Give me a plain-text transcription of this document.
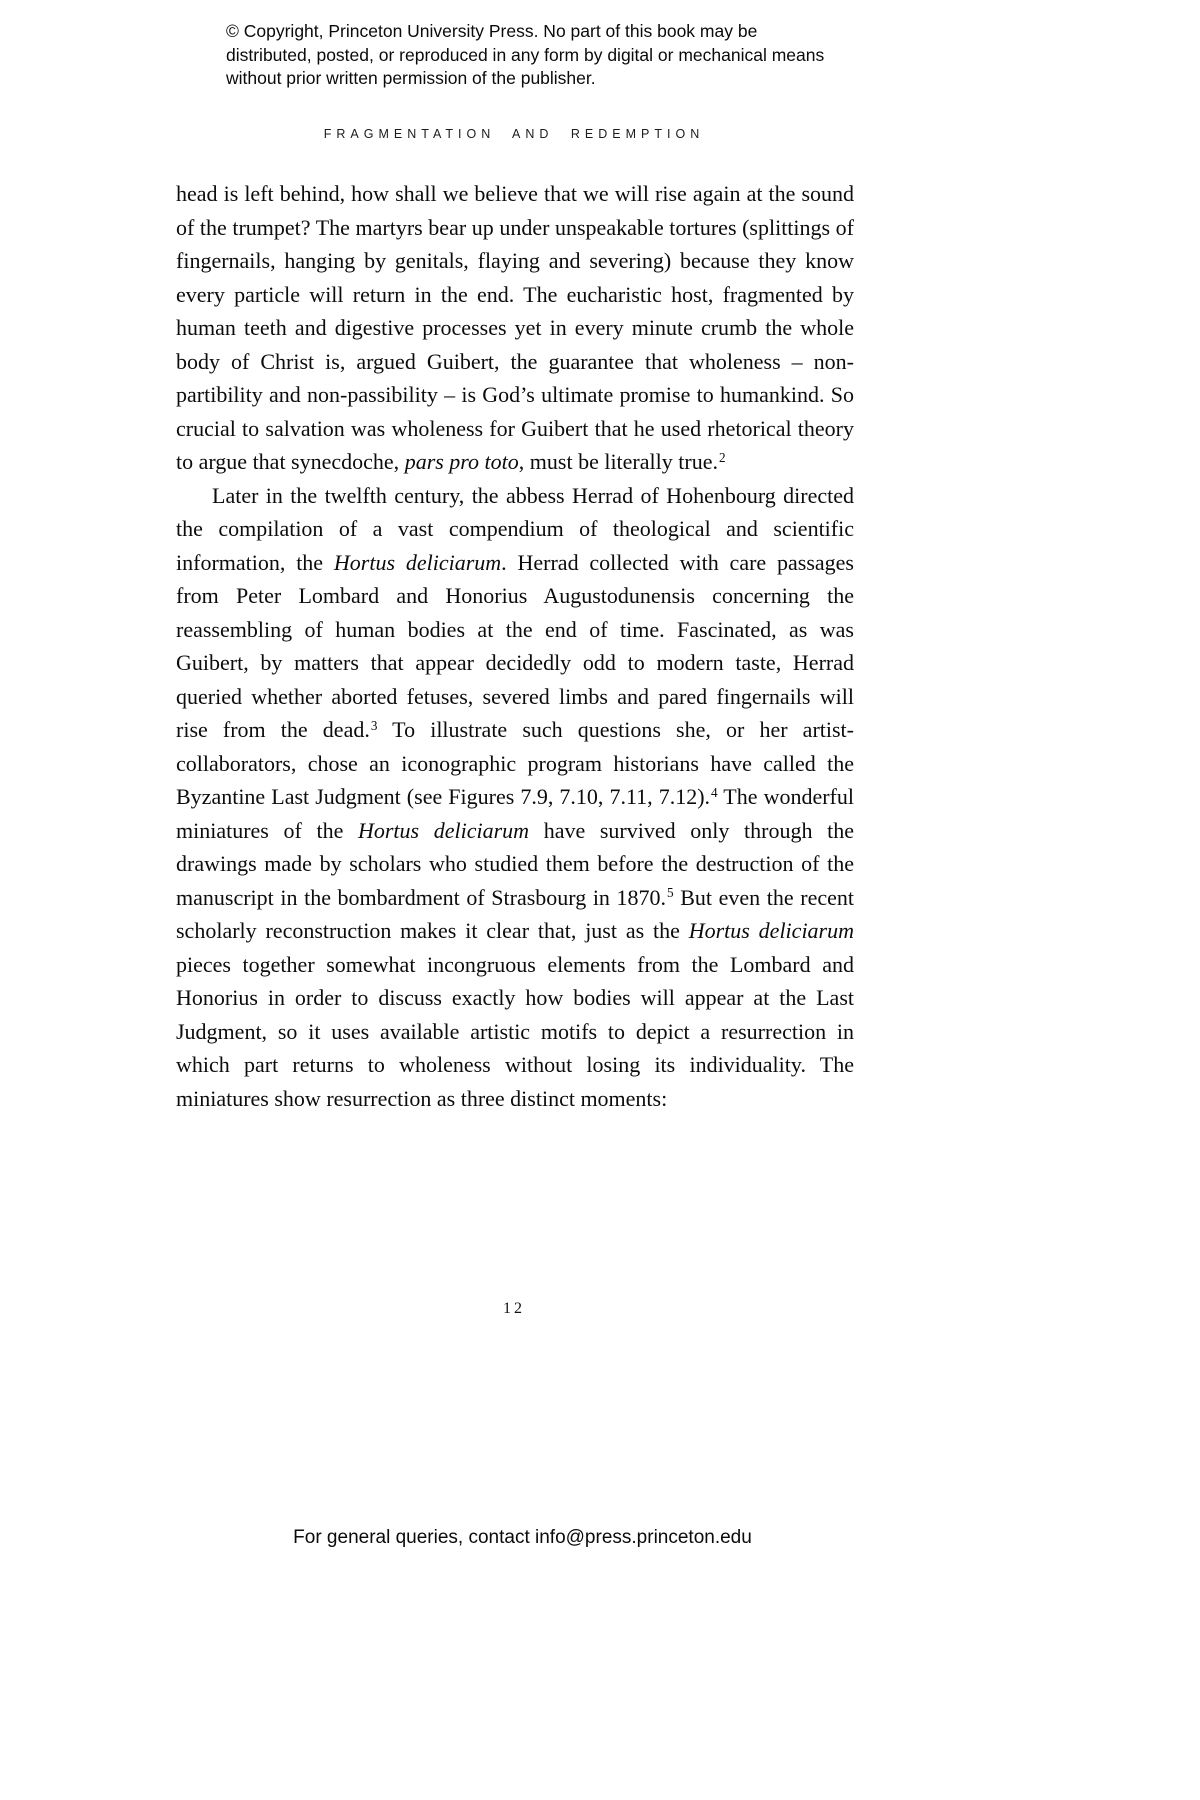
© Copyright, Princeton University Press. No part of this book may be distributed, posted, or reproduced in any form by digital or mechanical means without prior written permission of the publisher.
FRAGMENTATION AND REDEMPTION

head is left behind, how shall we believe that we will rise again at the sound of the trumpet? The martyrs bear up under unspeakable tortures (splittings of fingernails, hanging by genitals, flaying and severing) because they know every particle will return in the end. The eucharistic host, fragmented by human teeth and digestive processes yet in every minute crumb the whole body of Christ is, argued Guibert, the guarantee that wholeness – non-partibility and non-passibility – is God’s ultimate promise to humankind. So crucial to salvation was wholeness for Guibert that he used rhetorical theory to argue that synecdoche, pars pro toto, must be literally true.$^2$

Later in the twelfth century, the abbess Herrad of Hohenbourg directed the compilation of a vast compendium of theological and scientific information, the Hortus deliciarum. Herrad collected with care passages from Peter Lombard and Honorius Augustodunensis concerning the reassembling of human bodies at the end of time. Fascinated, as was Guibert, by matters that appear decidedly odd to modern taste, Herrad queried whether aborted fetuses, severed limbs and pared fingernails will rise from the dead.$^3$ To illustrate such questions she, or her artist-collaborators, chose an iconographic program historians have called the Byzantine Last Judgment (see Figures 7.9, 7.10, 7.11, 7.12).$^4$ The wonderful miniatures of the Hortus deliciarum have survived only through the drawings made by scholars who studied them before the destruction of the manuscript in the bombardment of Strasbourg in 1870.$^5$ But even the recent scholarly reconstruction makes it clear that, just as the Hortus deliciarum pieces together somewhat incongruous elements from the Lombard and Honorius in order to discuss exactly how bodies will appear at the Last Judgment, so it uses available artistic motifs to depict a resurrection in which part returns to wholeness without losing its individuality. The miniatures show resurrection as three distinct moments:

12
For general queries, contact info@press.princeton.edu
